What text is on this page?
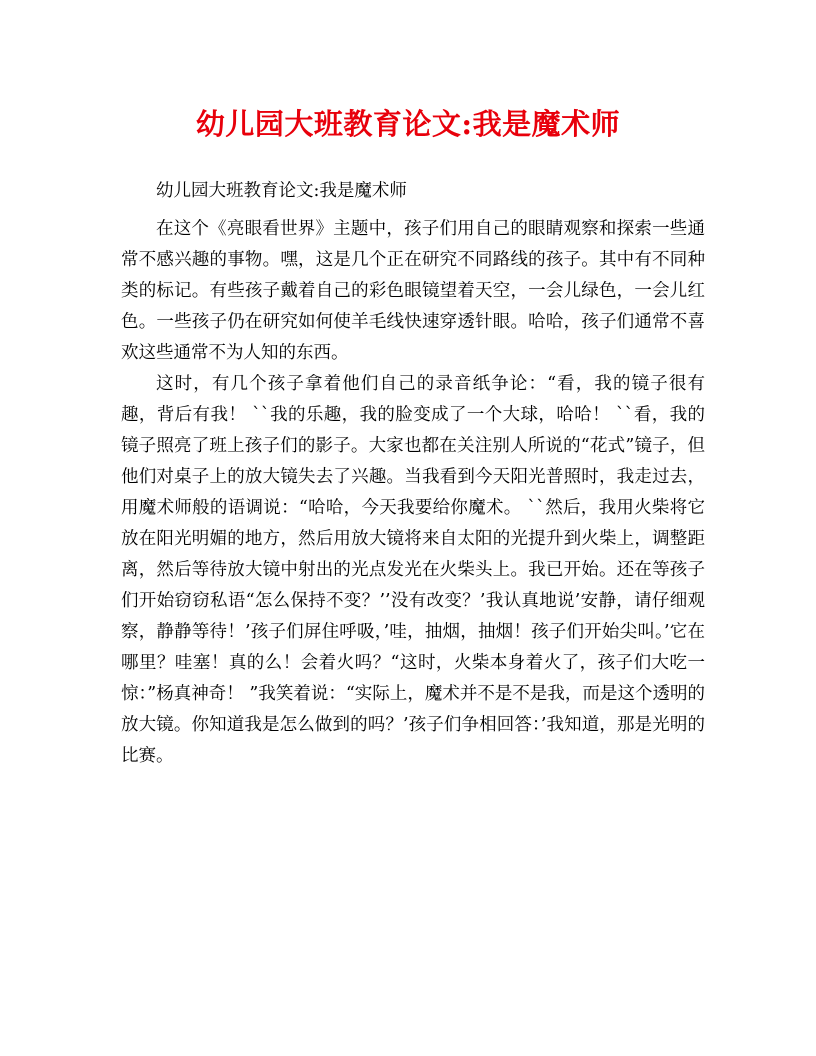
幼儿园大班教育论文:我是魔术师

幼儿园大班教育论文:我是魔术师

在这个《亮眼看世界》主题中，孩子们用自己的眼睛观察和探索一些通常不感兴趣的事物。嘿，这是几个正在研究不同路线的孩子。其中有不同种类的标记。有些孩子戴着自己的彩色眼镜望着天空，一会儿绿色，一会儿红色。一些孩子仍在研究如何使羊毛线快速穿透针眼。哈哈，孩子们通常不喜欢这些通常不为人知的东西。

这时，有几个孩子拿着他们自己的录音纸争论：“看，我的镜子很有趣，背后有我！ ``我的乐趣，我的脸变成了一个大球，哈哈！ ``看，我的镜子照亮了班上孩子们的影子。大家也都在关注别人所说的“花式”镜子，但他们对桌子上的放大镜失去了兴趣。当我看到今天阳光普照时，我走过去，用魔术师般的语调说：“哈哈，今天我要给你魔术。 ``然后，我用火柴将它放在阳光明媚的地方，然后用放大镜将来自太阳的光提升到火柴上，调整距离，然后等待放大镜中射出的光点发光在火柴头上。我已开始。还在等孩子们开始窃窃私语“怎么保持不变？’’没有改变？’我认真地说’安静，请仔细观察，静静等待！’孩子们屏住呼吸，’哇，抽烟，抽烟！孩子们开始尖叫。’它在哪里？哇塞！真的么！会着火吗？“这时，火柴本身着火了，孩子们大吃一惊：”杨真神奇！ ”我笑着说：“实际上，魔术并不是不是我，而是这个透明的放大镜。你知道我是怎么做到的吗？’孩子们争相回答：’我知道，那是光明的比赛。
